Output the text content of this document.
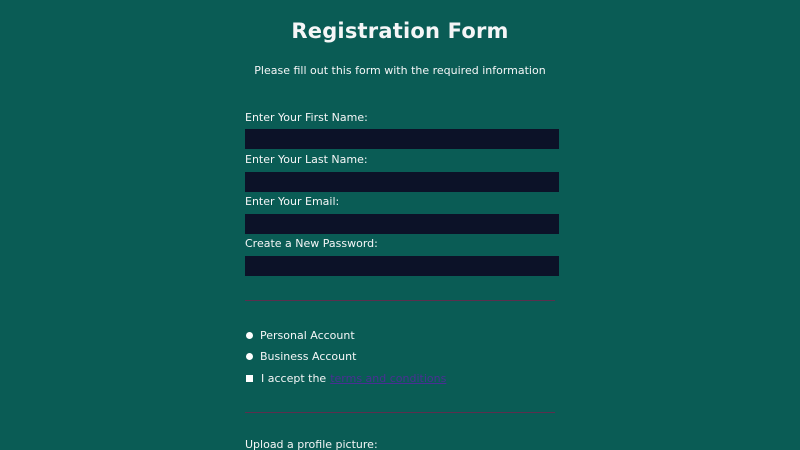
Registration Form

Please fill out this form with the required information

Enter Your First Name:
Enter Your Last Name:
Enter Your Email:
Create a New Password:
Personal Account
Business Account
I accept the terms and conditions
Upload a profile picture:
